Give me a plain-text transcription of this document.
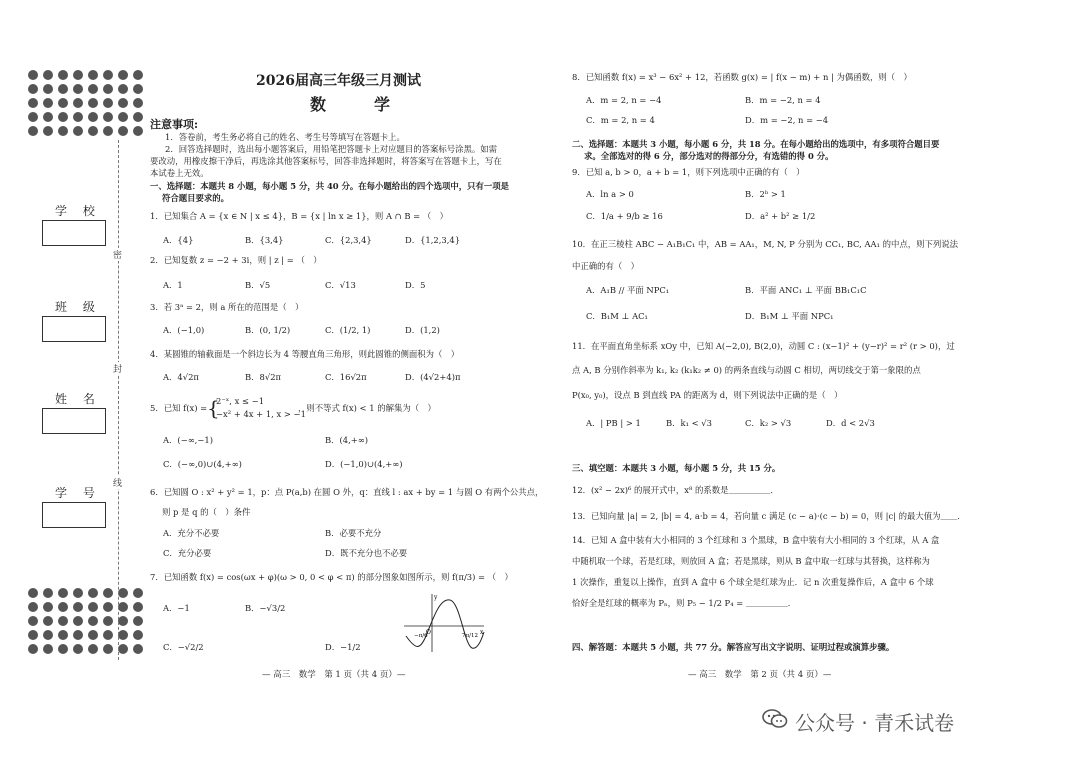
密
封
线
学 校
班 级
姓 名
学 号
2026届高三年级三月测试
数　学
注意事项:
1．答卷前，考生务必将自己的姓名、考生号等填写在答题卡上。
2．回答选择题时，选出每小题答案后，用铅笔把答题卡上对应题目的答案标号涂黑。如需
要改动，用橡皮擦干净后，再选涂其他答案标号，回答非选择题时，将答案写在答题卡上，写在
本试卷上无效。
一、选择题：本题共 8 小题，每小题 5 分，共 40 分。在每小题给出的四个选项中，只有一项是
符合题目要求的。
1．已知集合 A = {x ∈ N | x ≤ 4}，B = {x | ln x ≥ 1}，则 A ∩ B = （　）
A．{4}	B．{3,4}	C．{2,3,4}	D．{1,2,3,4}
2．已知复数 z = −2 + 3i，则 | z | = （　）
A．1	B．√5	C．√13	D．5
3．若 3ᵃ = 2，则 a 所在的范围是（　）
A．(−1,0)	B．(0, 1/2)	C．(1/2, 1)	D．(1,2)
4．某圆锥的轴截面是一个斜边长为 4 等腰直角三角形，则此圆锥的侧面积为（　）
A．4√2π	B．8√2π	C．16√2π	D．(4√2+4)π
5．已知 f(x) = {
2⁻ˣ, x ≤ −1
−x² + 4x + 1, x > −1
，则不等式 f(x) < 1 的解集为（　）
A．(−∞,−1)	B．(4,+∞)
C．(−∞,0)∪(4,+∞)	D．(−1,0)∪(4,+∞)
6．已知圆 O : x² + y² = 1，p：点 P(a,b) 在圆 O 外，q：直线 l : ax + by = 1 与圆 O 有两个公共点，
则 p 是 q 的（　）条件
A．充分不必要	B．必要不充分
C．充分必要	D．既不充分也不必要
7．已知函数 f(x) = cos(ωx + φ)(ω > 0, 0 < φ < π) 的部分图象如图所示，则 f(π/3) = （　）
A．−1	B．−√3/2
C．−√2/2	D．−1/2
x
y
O
−π/6	7π/12
— 高三　数学　第 1 页（共 4 页）—
8．已知函数 f(x) = x³ − 6x² + 12，若函数 g(x) = | f(x − m) + n | 为偶函数，则（　）
A．m = 2, n = −4	B．m = −2, n = 4
C．m = 2, n = 4	D．m = −2, n = −4
二、选择题：本题共 3 小题，每小题 6 分，共 18 分。在每小题给出的选项中，有多项符合题目要
求。全部选对的得 6 分，部分选对的得部分分，有选错的得 0 分。
9．已知 a, b > 0，a + b = 1，则下列选项中正确的有（　）
A．ln a > 0	B．2ᵇ > 1
C．1/a + 9/b ≥ 16	D．a² + b² ≥ 1/2
10．在正三棱柱 ABC − A₁B₁C₁ 中，AB = AA₁，M, N, P 分别为 CC₁, BC, AA₁ 的中点，则下列说法
中正确的有（　）
A．A₁B // 平面 NPC₁	B．平面 ANC₁ ⊥ 平面 BB₁C₁C
C．B₁M ⊥ AC₁	D．B₁M ⊥ 平面 NPC₁
11．在平面直角坐标系 xOy 中，已知 A(−2,0), B(2,0)，动圆 C : (x−1)² + (y−r)² = r² (r > 0)，过
点 A, B 分别作斜率为 k₁, k₂ (k₁k₂ ≠ 0) 的两条直线与动圆 C 相切，两切线交于第一象限的点
P(x₀, y₀)，设点 B 到直线 PA 的距离为 d，则下列说法中正确的是（　）
A．| PB | > 1	B．k₁ < √3	C．k₂ > √3	D．d < 2√3
三、填空题：本题共 3 小题，每小题 5 分，共 15 分。
12．(x² − 2x)⁶ 的展开式中，x⁸ 的系数是＿＿＿＿＿．
13．已知向量 |a| = 2, |b| = 4, a·b = 4，若向量 c 满足 (c − a)·(c − b) = 0，则 |c| 的最大值为＿＿．
14．已知 A 盒中装有大小相同的 3 个红球和 3 个黑球，B 盒中装有大小相同的 3 个红球，从 A 盒
中随机取一个球，若是红球，则放回 A 盒；若是黑球，则从 B 盒中取一红球与其替换，这样称为
1 次操作，重复以上操作，直到 A 盒中 6 个球全是红球为止．记 n 次重复操作后，A 盒中 6 个球
恰好全是红球的概率为 Pₙ，则 P₅ − 1/2 P₄ = ＿＿＿＿＿．
四、解答题：本题共 5 小题，共 77 分。解答应写出文字说明、证明过程或演算步骤。
— 高三　数学　第 2 页（共 4 页）—
公众号 · 青禾试卷
